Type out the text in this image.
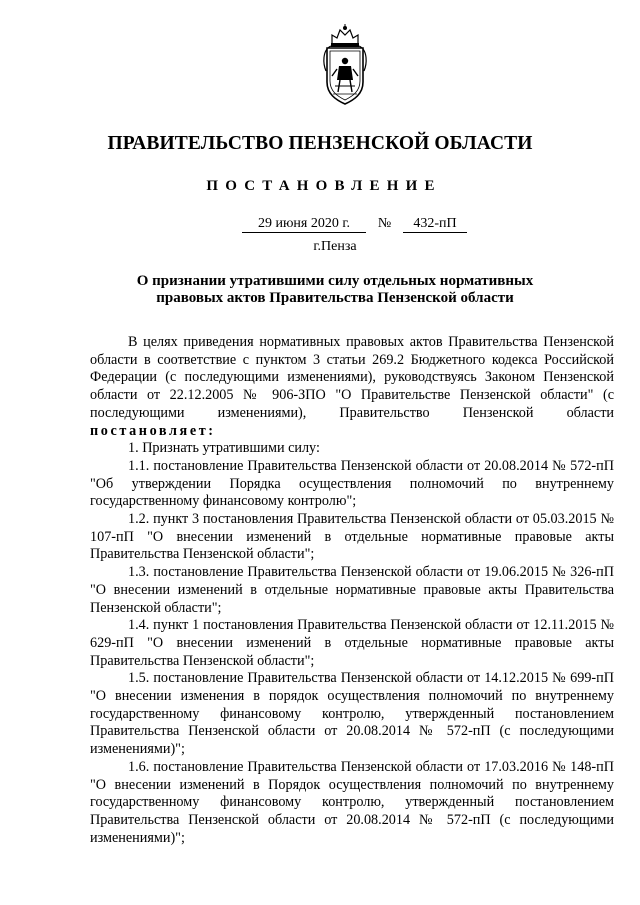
ПРАВИТЕЛЬСТВО ПЕНЗЕНСКОЙ ОБЛАСТИ
ПОСТАНОВЛЕНИЕ
29 июня 2020 г. № 432-пП
г.Пенза
О признании утратившими силу отдельных нормативных
правовых актов Правительства Пензенской области

В целях приведения нормативных правовых актов Правительства Пензенской области в соответствие с пунктом 3 статьи 269.2 Бюджетного кодекса Российской Федерации (с последующими изменениями), руководствуясь Законом Пензенской области от 22.12.2005 № 906-ЗПО "О Правительстве Пензенской области" (с последующими изменениями), Правительство Пензенской области постановляет:

1. Признать утратившими силу:

1.1. постановление Правительства Пензенской области от 20.08.2014 № 572-пП "Об утверждении Порядка осуществления полномочий по внутреннему государственному финансовому контролю";

1.2. пункт 3 постановления Правительства Пензенской области от 05.03.2015 № 107-пП "О внесении изменений в отдельные нормативные правовые акты Правительства Пензенской области";

1.3. постановление Правительства Пензенской области от 19.06.2015 № 326-пП "О внесении изменений в отдельные нормативные правовые акты Правительства Пензенской области";

1.4. пункт 1 постановления Правительства Пензенской области от 12.11.2015 № 629-пП "О внесении изменений в отдельные нормативные правовые акты Правительства Пензенской области";

1.5. постановление Правительства Пензенской области от 14.12.2015 № 699-пП "О внесении изменения в порядок осуществления полномочий по внутреннему государственному финансовому контролю, утвержденный постановлением Правительства Пензенской области от 20.08.2014 № 572-пП (с последующими изменениями)";

1.6. постановление Правительства Пензенской области от 17.03.2016 № 148-пП "О внесении изменений в Порядок осуществления полномочий по внутреннему государственному финансовому контролю, утвержденный постановлением Правительства Пензенской области от 20.08.2014 № 572-пП (с последующими изменениями)";
